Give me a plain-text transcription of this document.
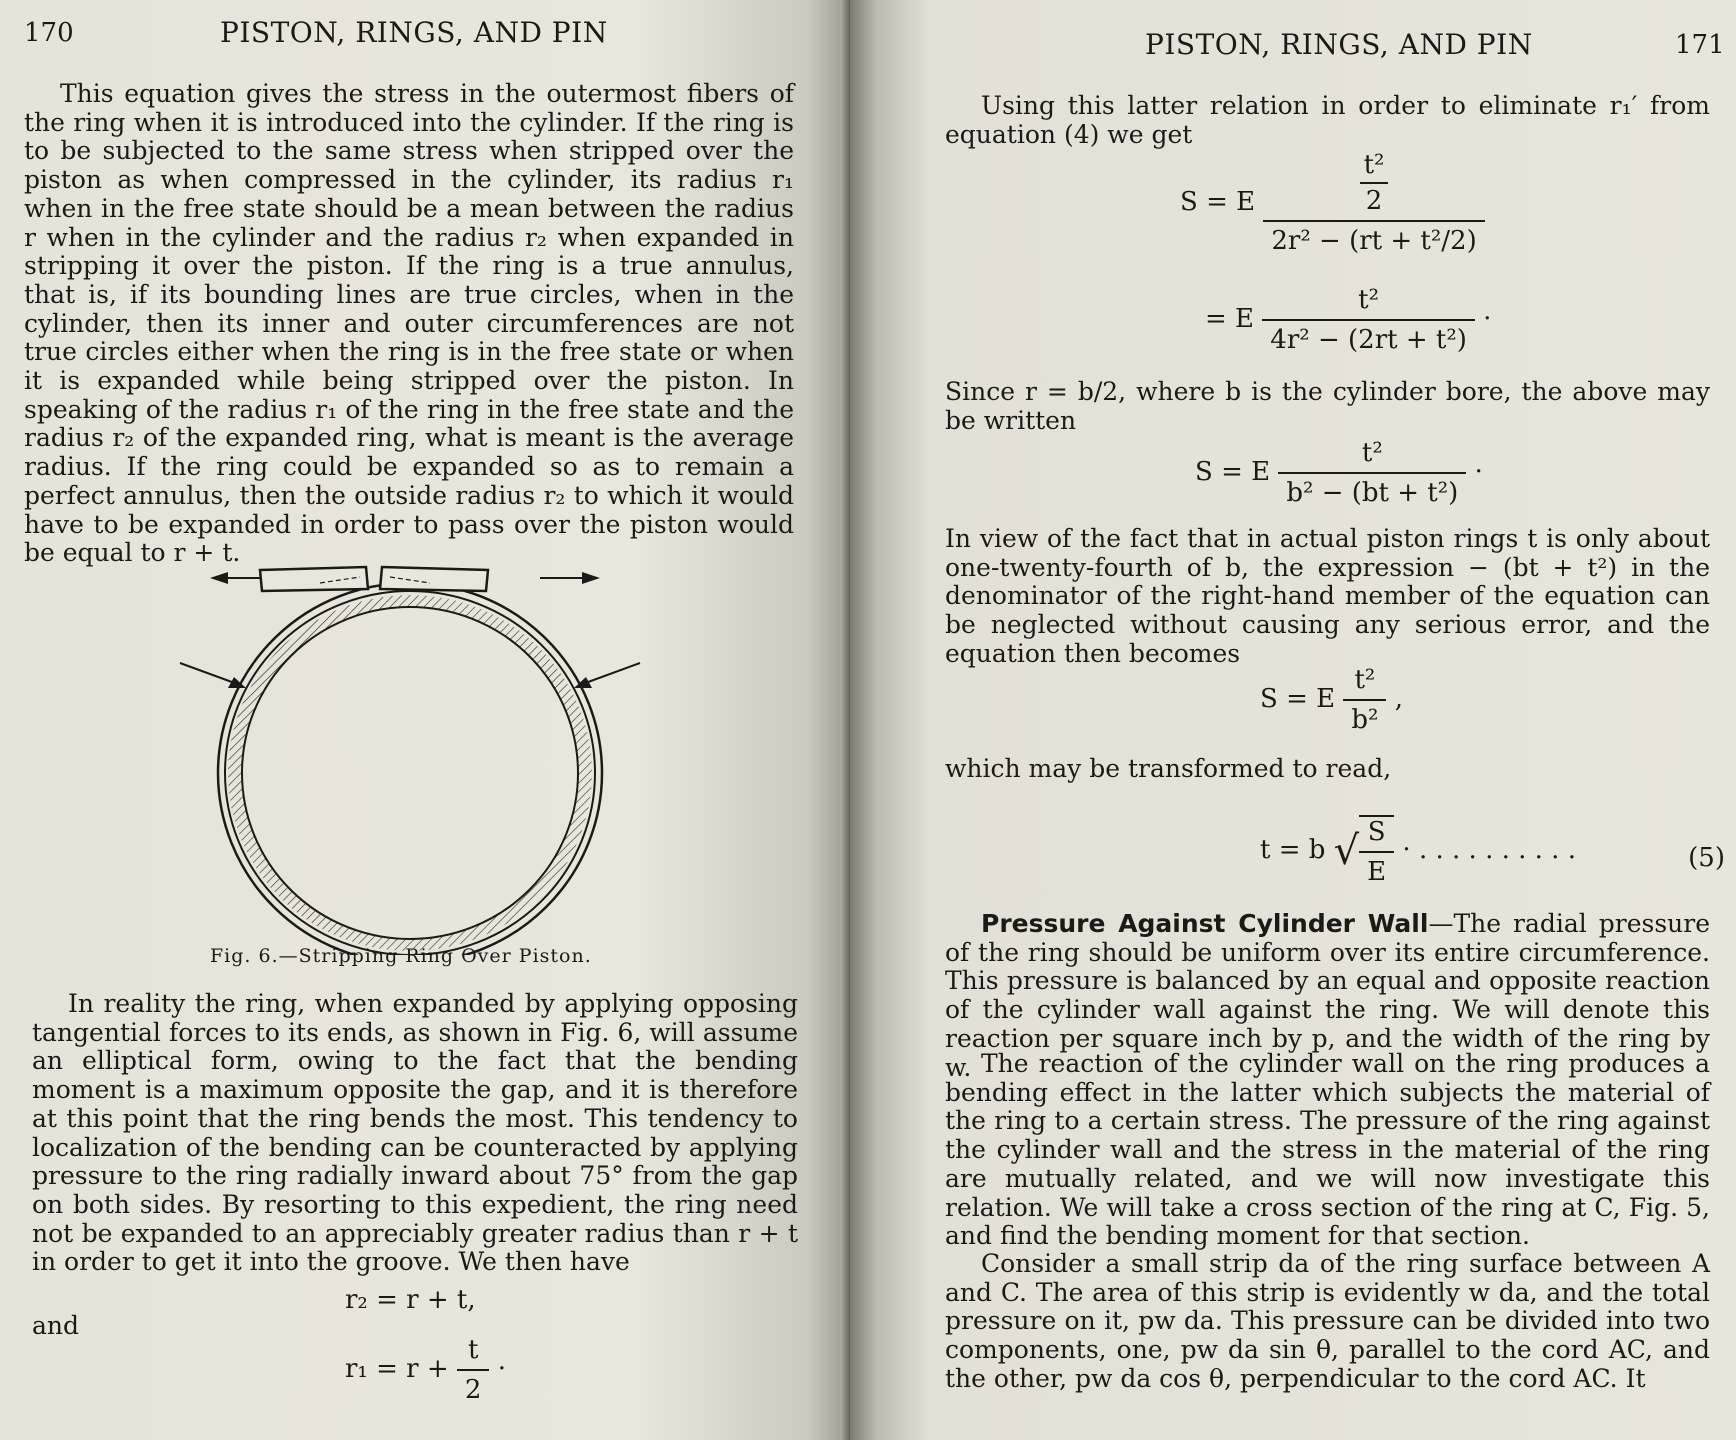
170	PISTON, RINGS, AND PIN

This equation gives the stress in the outermost fibers of the ring when it is introduced into the cylinder. If the ring is to be subjected to the same stress when stripped over the piston as when compressed in the cylinder, its radius r₁ when in the free state should be a mean between the radius r when in the cylinder and the radius r₂ when expanded in stripping it over the piston. If the ring is a true annulus, that is, if its bounding lines are true circles, when in the cylinder, then its inner and outer circumferences are not true circles either when the ring is in the free state or when it is expanded while being stripped over the piston. In speaking of the radius r₁ of the ring in the free state and the radius r₂ of the expanded ring, what is meant is the average radius. If the ring could be expanded so as to remain a perfect annulus, then the outside radius r₂ to which it would have to be expanded in order to pass over the piston would be equal to r + t.

Fig. 6.—Stripping Ring Over Piston.

In reality the ring, when expanded by applying opposing tangential forces to its ends, as shown in Fig. 6, will assume an elliptical form, owing to the fact that the bending moment is a maximum opposite the gap, and it is therefore at this point that the ring bends the most. This tendency to localization of the bending can be counteracted by applying pressure to the ring radially inward about 75° from the gap on both sides. By resorting to this expedient, the ring need not be expanded to an appreciably greater radius than r + t in order to get it into the groove. We then have

r₂ = r + t,
and
$r_1 = r + \frac{t}{2}$ ·
PISTON, RINGS, AND PIN	171

Using this latter relation in order to eliminate r₁′ from equation (4) we get

S = E $\frac{\frac{\text{t²}}{2}}{\text{2r² − (rt + t²/2)}}$
= E $\frac{\text{t²}}{\text{4r² − (2rt + t²)}}$ ·

Since r = b/2, where b is the cylinder bore, the above may be written

S = E $\frac{\text{t²}}{\text{b² − (bt + t²)}}$ ·

In view of the fact that in actual piston rings t is only about one-twenty-fourth of b, the expression − (bt + t²) in the denominator of the right-hand member of the equation can be neglected without causing any serious error, and the equation then becomes

S = E $\frac{\text{t²}}{\text{b²}}$ ,

which may be transformed to read,

t = b √ $\frac{S}{E}$ · . . . . . . . . . .	(5)

Pressure Against Cylinder Wall—The radial pressure of the ring should be uniform over its entire circumference. This pressure is balanced by an equal and opposite reaction of the cylinder wall against the ring. We will denote this reaction per square inch by p, and the width of the ring by w. The reaction of the cylinder wall on the ring produces a bending effect in the latter which subjects the material of the ring to a certain stress. The pressure of the ring against the cylinder wall and the stress in the material of the ring are mutually related, and we will now investigate this relation. We will take a cross section of the ring at C, Fig. 5, and find the bending moment for that section.

Consider a small strip da of the ring surface between A and C. The area of this strip is evidently w da, and the total pressure on it, pw da. This pressure can be divided into two components, one, pw da sin θ, parallel to the cord AC, and the other, pw da cos θ, perpendicular to the cord AC. It
